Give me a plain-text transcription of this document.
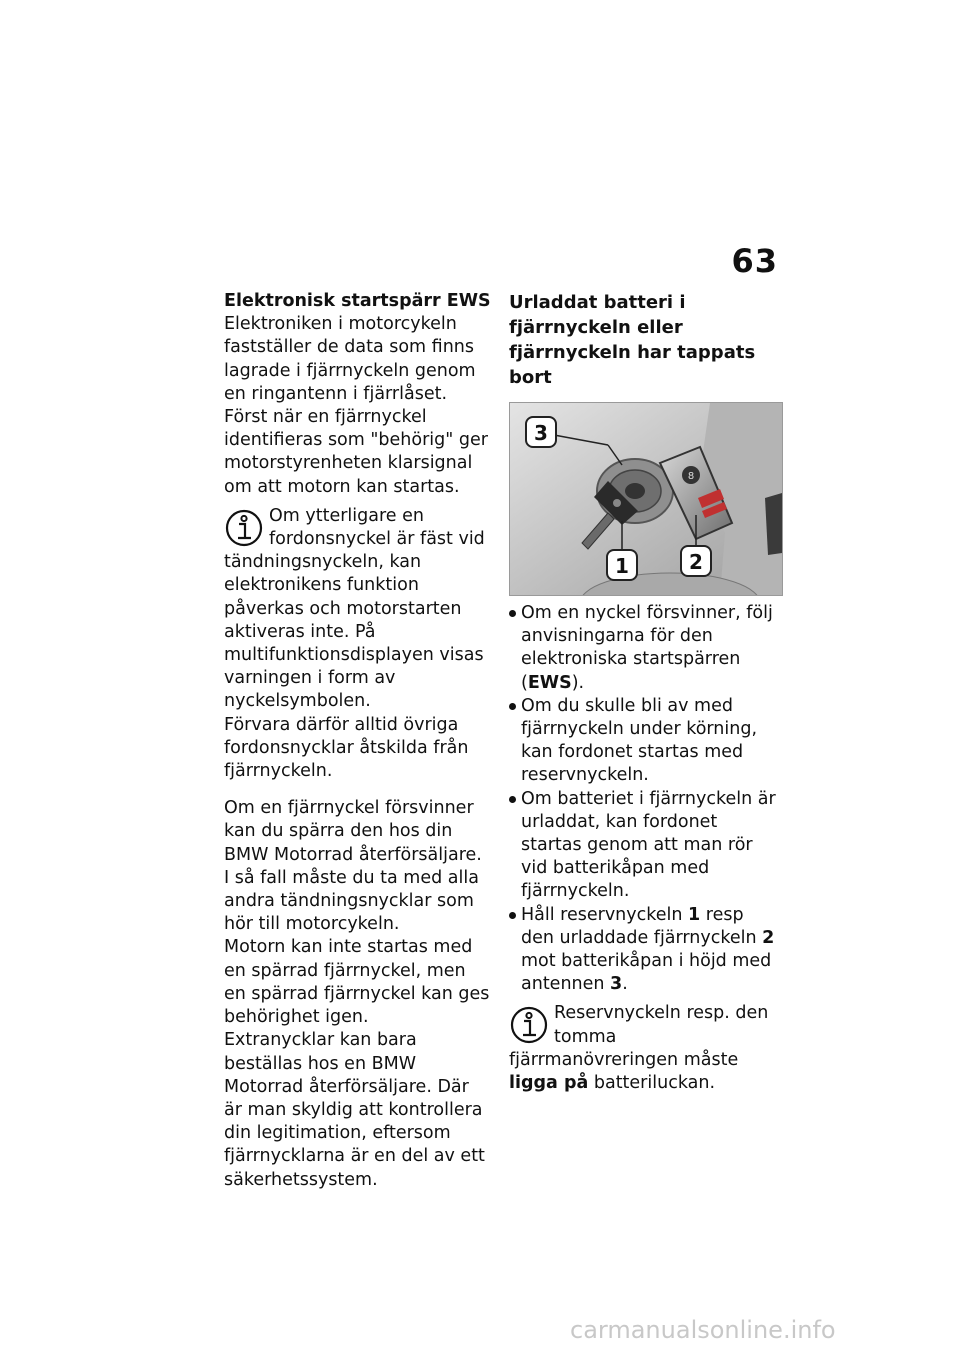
63

Elektronisk startspärr EWS

Elektroniken i motorcykeln fastställer de data som finns lagrade i fjärrnyckeln genom en ringantenn i fjärrlåset. Först när en fjärrnyckel identifieras som "behörig" ger motorstyrenheten klarsignal om att motorn kan startas.

Om ytterligare en fordonsnyckel är fäst vid tändningsnyckeln, kan elektronikens funktion påverkas och motorstarten aktiveras inte. På multifunktionsdisplayen visas varningen i form av nyckelsymbolen.

Förvara därför alltid övriga fordonsnycklar åtskilda från fjärrnyckeln.

Om en fjärrnyckel försvinner kan du spärra den hos din BMW Motorrad återförsäljare.

I så fall måste du ta med alla andra tändningsnycklar som hör till motorcykeln.

Motorn kan inte startas med en spärrad fjärrnyckel, men en spärrad fjärrnyckel kan ges behörighet igen.

Extranycklar kan bara beställas hos en BMW Motorrad återförsäljare. Där är man skyldig att kontrollera din legitimation, eftersom fjärrnycklarna är en del av ett säkerhetssystem.

Urladdat batteri i fjärrnyckeln eller fjärrnyckeln har tappats bort

8
3
1	2
Om en nyckel försvinner, följ anvisningarna för den elektroniska startspärren (EWS).
Om du skulle bli av med fjärrnyckeln under körning, kan fordonet startas med reservnyckeln.
Om batteriet i fjärrnyckeln är urladdat, kan fordonet startas genom att man rör vid batterikåpan med fjärrnyckeln.
Håll reservnyckeln 1 resp den urladdade fjärrnyckeln 2 mot batterikåpan i höjd med antennen 3.
Reservnyckeln resp. den tomma fjärrmanövreringen måste ligga på batteriluckan.
carmanualsonline.info
